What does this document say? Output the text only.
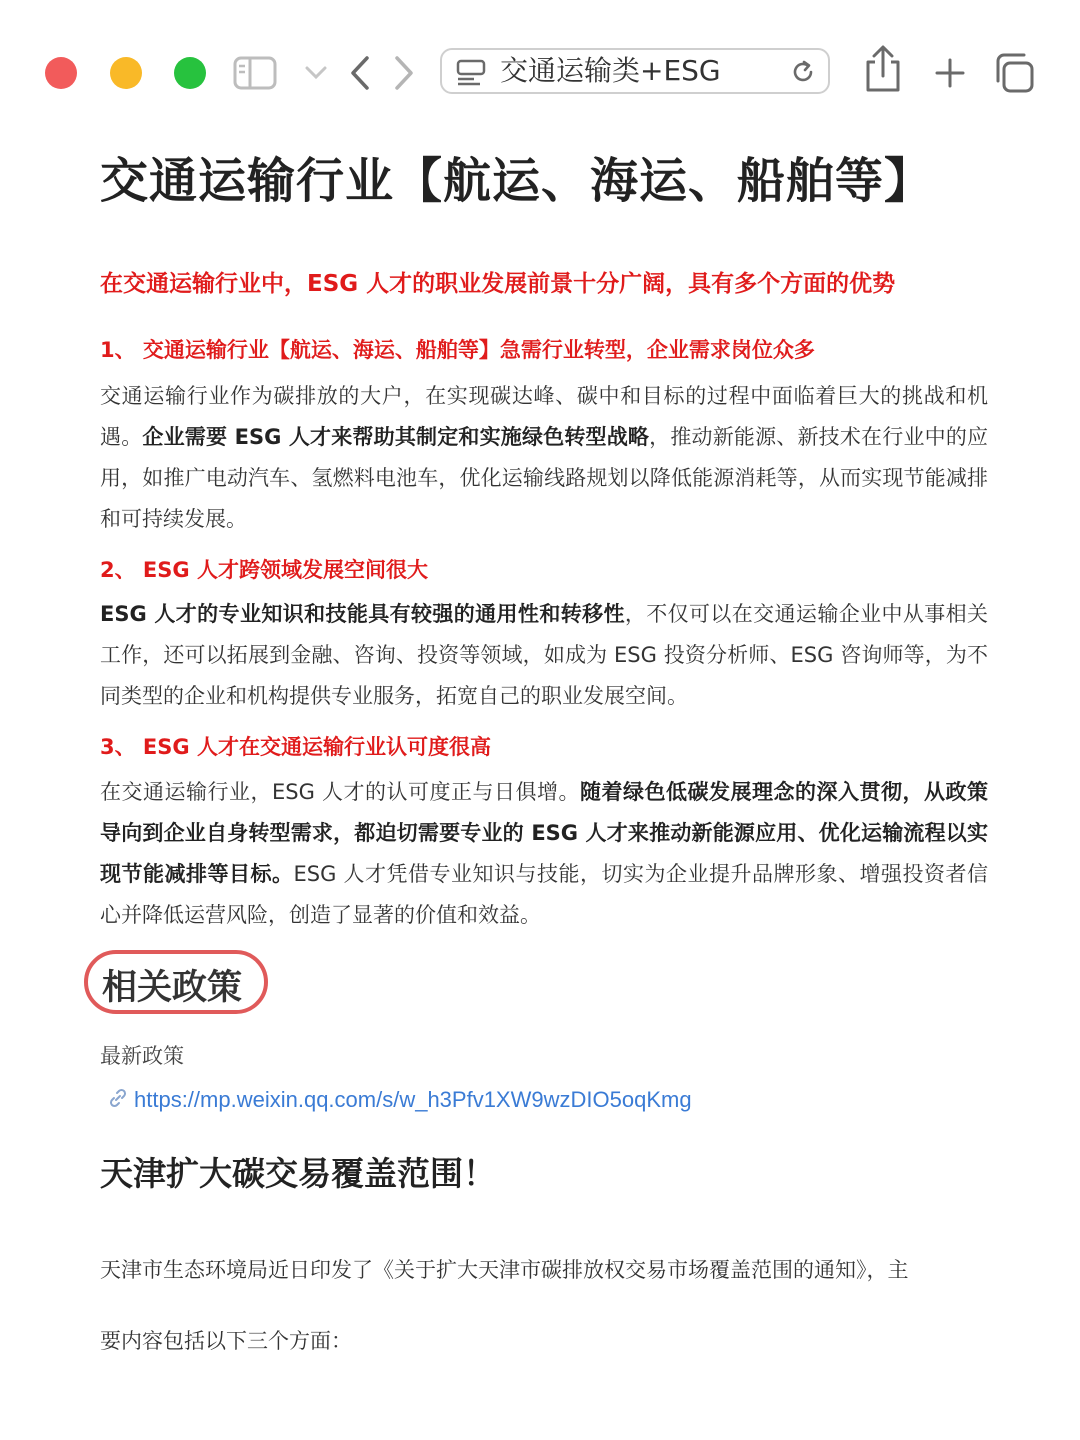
交通运输类+ESG
交通运输行业【航运、海运、船舶等】
在交通运输行业中，ESG 人才的职业发展前景十分广阔，具有多个方面的优势
1、 交通运输行业【航运、海运、船舶等】急需行业转型，企业需求岗位众多
交通运输行业作为碳排放的大户，在实现碳达峰、碳中和目标的过程中面临着巨大的挑战和机遇。企业需要 ESG 人才来帮助其制定和实施绿色转型战略，推动新能源、新技术在行业中的应用，如推广电动汽车、氢燃料电池车，优化运输线路规划以降低能源消耗等，从而实现节能减排和可持续发展。
2、 ESG 人才跨领域发展空间很大
ESG 人才的专业知识和技能具有较强的通用性和转移性，不仅可以在交通运输企业中从事相关工作，还可以拓展到金融、咨询、投资等领域，如成为 ESG 投资分析师、ESG 咨询师等，为不同类型的企业和机构提供专业服务，拓宽自己的职业发展空间。
3、 ESG 人才在交通运输行业认可度很高
在交通运输行业，ESG 人才的认可度正与日俱增。随着绿色低碳发展理念的深入贯彻，从政策导向到企业自身转型需求，都迫切需要专业的 ESG 人才来推动新能源应用、优化运输流程以实现节能减排等目标。ESG 人才凭借专业知识与技能，切实为企业提升品牌形象、增强投资者信心并降低运营风险，创造了显著的价值和效益。
相关政策
最新政策
https://mp.weixin.qq.com/s/w_h3Pfv1XW9wzDIO5oqKmg
天津扩大碳交易覆盖范围！
天津市生态环境局近日印发了《关于扩大天津市碳排放权交易市场覆盖范围的通知》，主
要内容包括以下三个方面：
